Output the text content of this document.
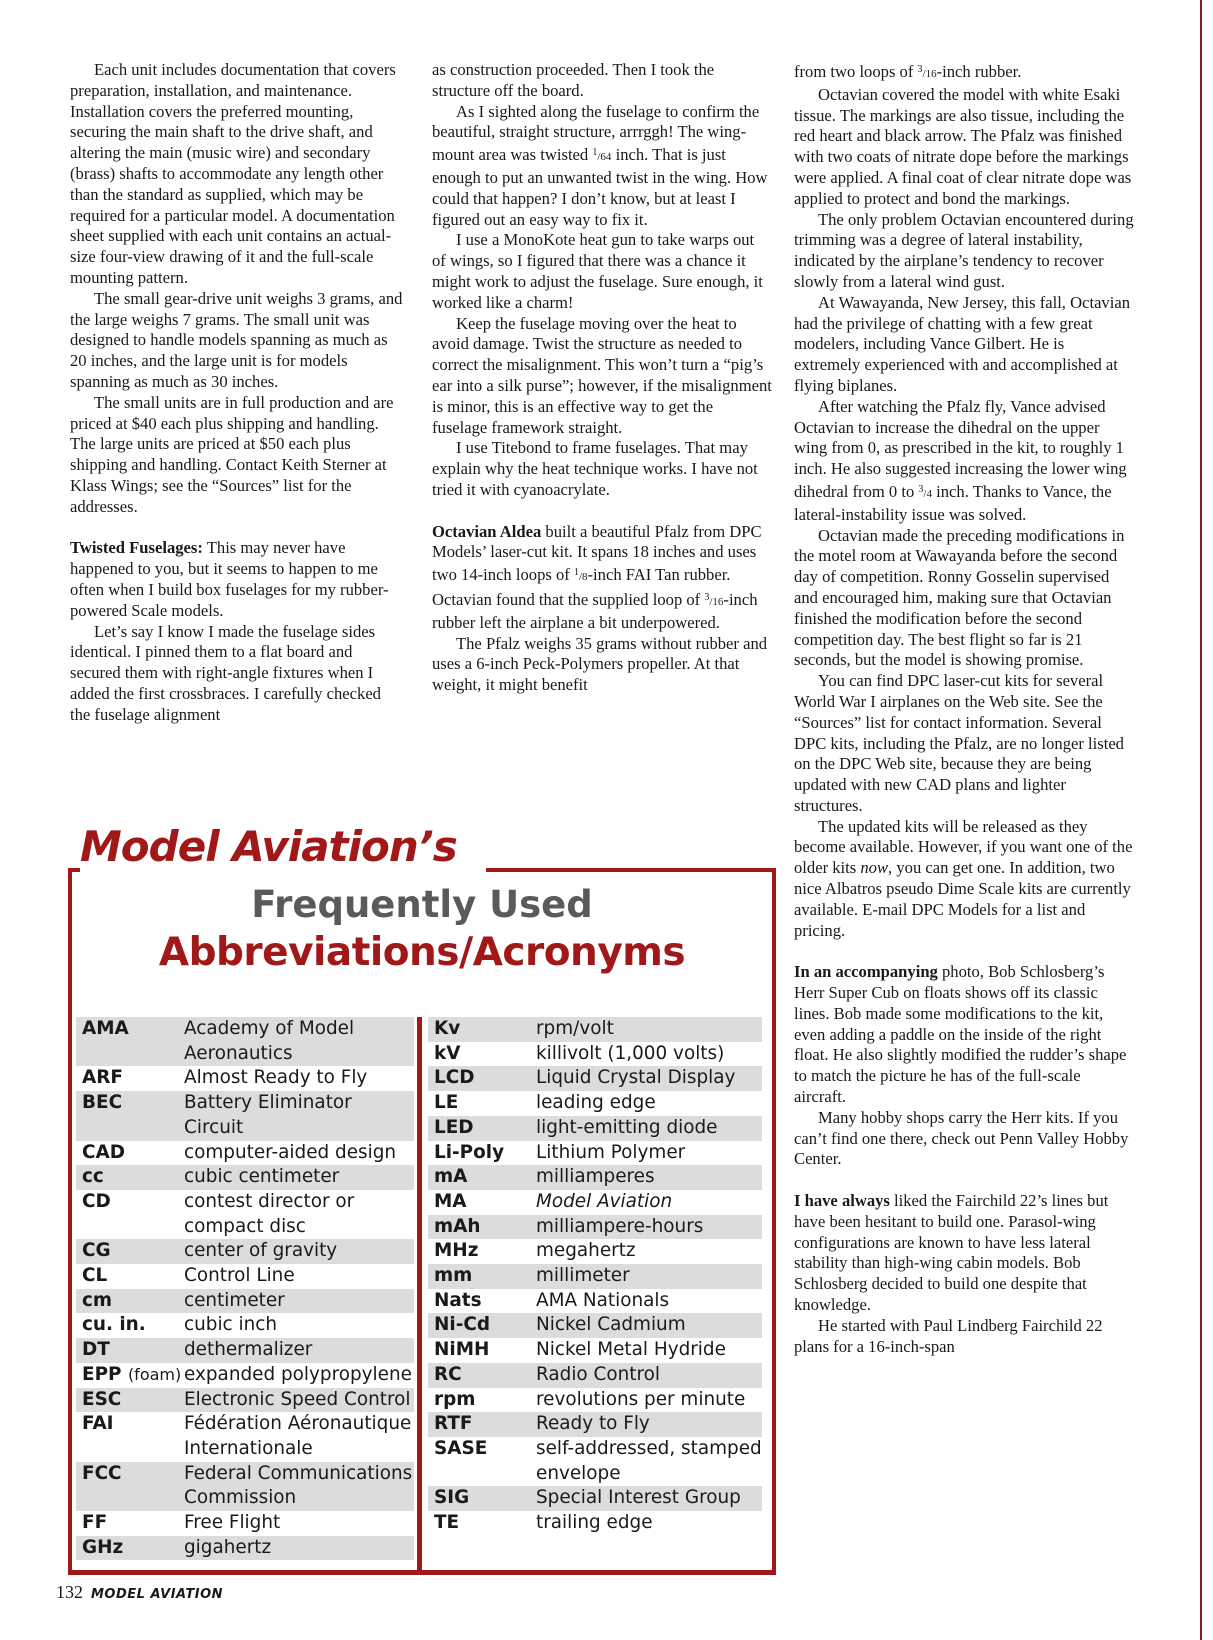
Each unit includes documentation that covers preparation, installation, and maintenance. Installation covers the preferred mounting, securing the main shaft to the drive shaft, and altering the main (music wire) and secondary (brass) shafts to accommodate any length other than the standard as supplied, which may be required for a particular model. A documentation sheet supplied with each unit contains an actual-size four-view drawing of it and the full-scale mounting pattern.

The small gear-drive unit weighs 3 grams, and the large weighs 7 grams. The small unit was designed to handle models spanning as much as 20 inches, and the large unit is for models spanning as much as 30 inches.

The small units are in full production and are priced at $40 each plus shipping and handling. The large units are priced at $50 each plus shipping and handling. Contact Keith Sterner at Klass Wings; see the “Sources” list for the addresses.

Twisted Fuselages: This may never have happened to you, but it seems to happen to me often when I build box fuselages for my rubber-powered Scale models.

Let’s say I know I made the fuselage sides identical. I pinned them to a flat board and secured them with right-angle fixtures when I added the first crossbraces. I carefully checked the fuselage alignment

as construction proceeded. Then I took the structure off the board.

As I sighted along the fuselage to confirm the beautiful, straight structure, arrrggh! The wing-mount area was twisted $^1$/64 inch. That is just enough to put an unwanted twist in the wing. How could that happen? I don’t know, but at least I figured out an easy way to fix it.

I use a MonoKote heat gun to take warps out of wings, so I figured that there was a chance it might work to adjust the fuselage. Sure enough, it worked like a charm!

Keep the fuselage moving over the heat to avoid damage. Twist the structure as needed to correct the misalignment. This won’t turn a “pig’s ear into a silk purse”; however, if the misalignment is minor, this is an effective way to get the fuselage framework straight.

I use Titebond to frame fuselages. That may explain why the heat technique works. I have not tried it with cyanoacrylate.

Octavian Aldea built a beautiful Pfalz from DPC Models’ laser-cut kit. It spans 18 inches and uses two 14-inch loops of $^1$/8-inch FAI Tan rubber. Octavian found that the supplied loop of $^3$/16-inch rubber left the airplane a bit underpowered.

The Pfalz weighs 35 grams without rubber and uses a 6-inch Peck-Polymers propeller. At that weight, it might benefit

from two loops of $^3$/16-inch rubber.

Octavian covered the model with white Esaki tissue. The markings are also tissue, including the red heart and black arrow. The Pfalz was finished with two coats of nitrate dope before the markings were applied. A final coat of clear nitrate dope was applied to protect and bond the markings.

The only problem Octavian encountered during trimming was a degree of lateral instability, indicated by the airplane’s tendency to recover slowly from a lateral wind gust.

At Wawayanda, New Jersey, this fall, Octavian had the privilege of chatting with a few great modelers, including Vance Gilbert. He is extremely experienced with and accomplished at flying biplanes.

After watching the Pfalz fly, Vance advised Octavian to increase the dihedral on the upper wing from 0, as prescribed in the kit, to roughly 1 inch. He also suggested increasing the lower wing dihedral from 0 to $^3$/4 inch. Thanks to Vance, the lateral-instability issue was solved.

Octavian made the preceding modifications in the motel room at Wawayanda before the second day of competition. Ronny Gosselin supervised and encouraged him, making sure that Octavian finished the modification before the second competition day. The best flight so far is 21 seconds, but the model is showing promise.

You can find DPC laser-cut kits for several World War I airplanes on the Web site. See the “Sources” list for contact information. Several DPC kits, including the Pfalz, are no longer listed on the DPC Web site, because they are being updated with new CAD plans and lighter structures.

The updated kits will be released as they become available. However, if you want one of the older kits now, you can get one. In addition, two nice Albatros pseudo Dime Scale kits are currently available. E-mail DPC Models for a list and pricing.

In an accompanying photo, Bob Schlosberg’s Herr Super Cub on floats shows off its classic lines. Bob made some modifications to the kit, even adding a paddle on the inside of the right float. He also slightly modified the rudder’s shape to match the picture he has of the full-scale aircraft.

Many hobby shops carry the Herr kits. If you can’t find one there, check out Penn Valley Hobby Center.

I have always liked the Fairchild 22’s lines but have been hesitant to build one. Parasol-wing configurations are known to have less lateral stability than high-wing cabin models. Bob Schlosberg decided to build one despite that knowledge.

He started with Paul Lindberg Fairchild 22 plans for a 16-inch-span

Model Aviation’s
Frequently Used
Abbreviations/Acronyms
AMA	Academy of Model
Aeronautics
ARF	Almost Ready to Fly
BEC	Battery Eliminator Circuit
CAD	computer-aided design
cc	cubic centimeter
CD	contest director or
compact disc
CG	center of gravity
CL	Control Line
cm	centimeter
cu. in.	cubic inch
DT	dethermalizer
EPP (foam) expanded polypropylene
ESC	Electronic Speed Control
FAI	Fédération Aéronautique
Internationale
FCC	Federal Communications
Commission
FF	Free Flight
GHz	gigahertz
Kv	rpm/volt
kV	killivolt (1,000 volts)
LCD	Liquid Crystal Display
LE	leading edge
LED	light-emitting diode
Li-Poly	Lithium Polymer
mA	milliamperes
MA	Model Aviation
mAh	milliampere-hours
MHz	megahertz
mm	millimeter
Nats	AMA Nationals
Ni-Cd	Nickel Cadmium
NiMH	Nickel Metal Hydride
RC	Radio Control
rpm	revolutions per minute
RTF	Ready to Fly
SASE	self-addressed, stamped
envelope
SIG	Special Interest Group
TE	trailing edge
132 MODEL AVIATION
